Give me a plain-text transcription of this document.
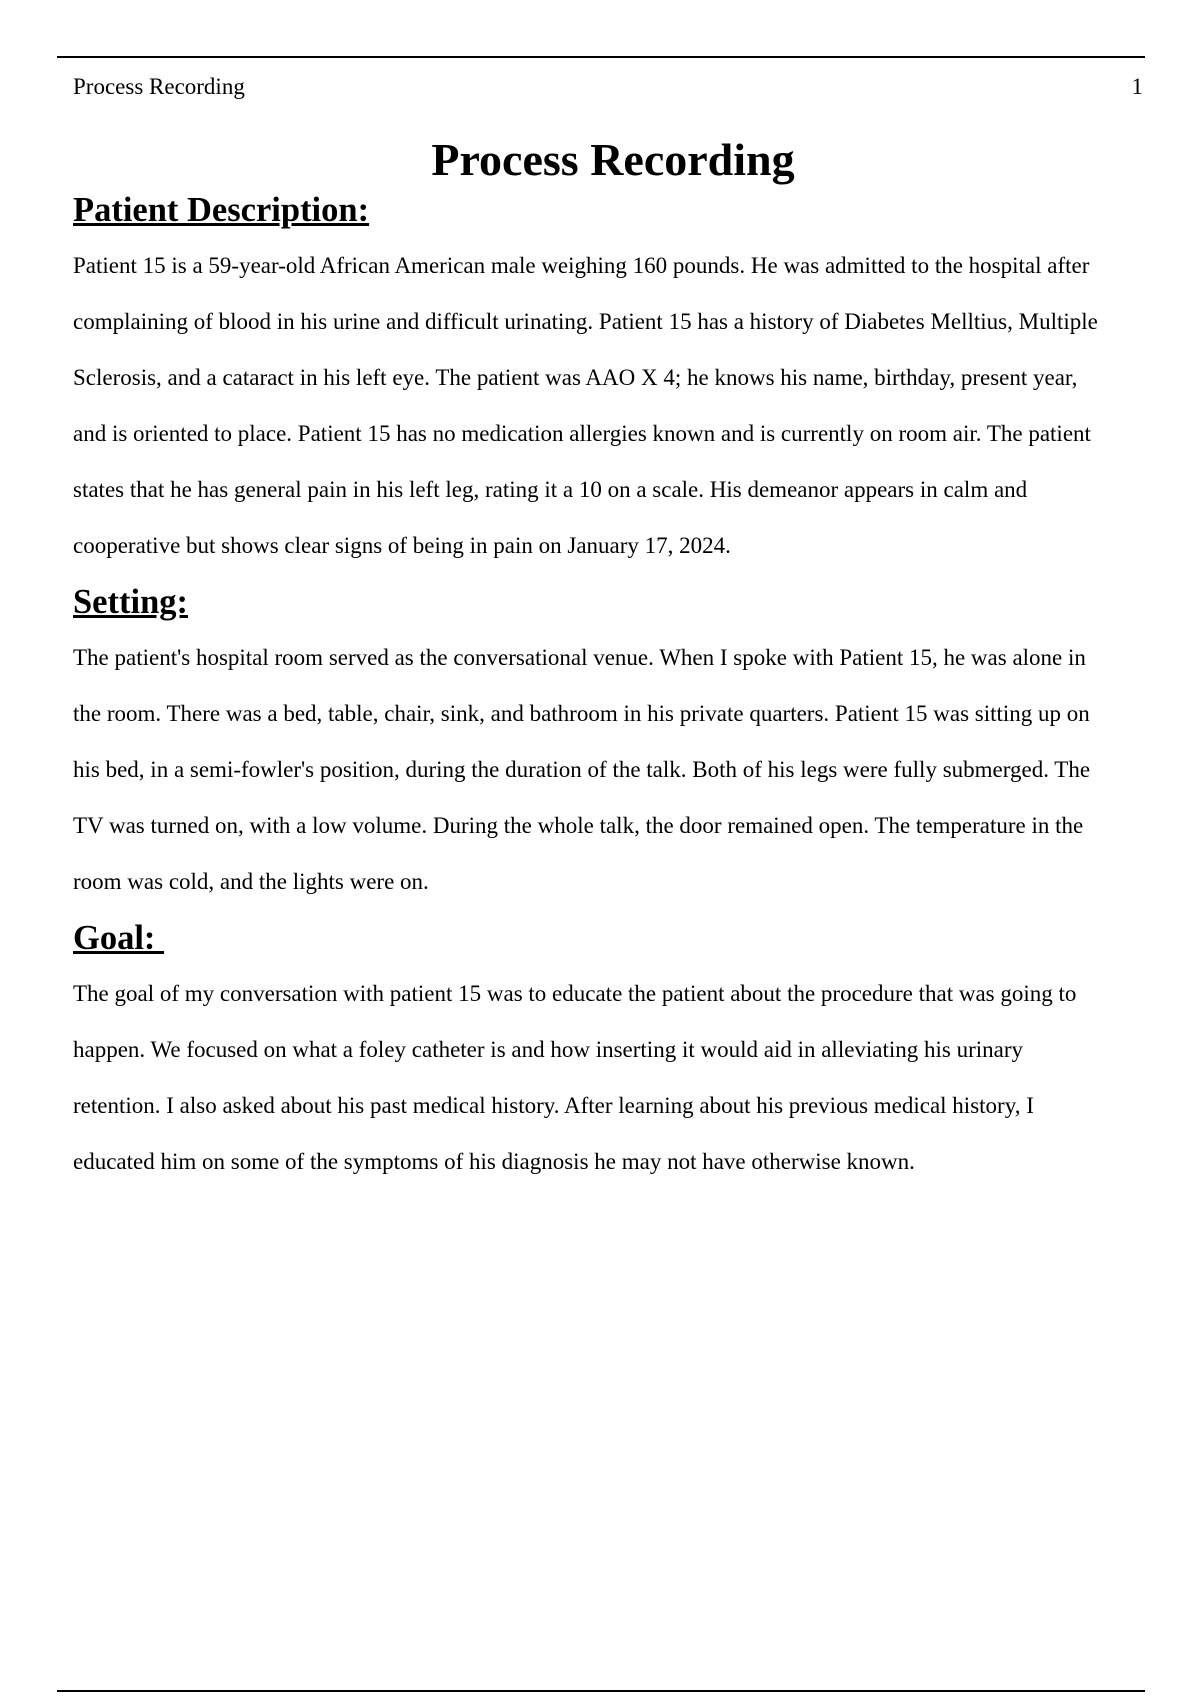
Process Recording	1
Process Recording
Patient Description:

Patient 15 is a 59-year-old African American male weighing 160 pounds. He was admitted to the hospital after
complaining of blood in his urine and difficult urinating. Patient 15 has a history of Diabetes Melltius, Multiple
Sclerosis, and a cataract in his left eye. The patient was AAO X 4; he knows his name, birthday, present year,
and is oriented to place. Patient 15 has no medication allergies known and is currently on room air. The patient
states that he has general pain in his left leg, rating it a 10 on a scale. His demeanor appears in calm and
cooperative but shows clear signs of being in pain on January 17, 2024.

Setting:

The patient's hospital room served as the conversational venue. When I spoke with Patient 15, he was alone in
the room. There was a bed, table, chair, sink, and bathroom in his private quarters. Patient 15 was sitting up on
his bed, in a semi-fowler's position, during the duration of the talk. Both of his legs were fully submerged. The
TV was turned on, with a low volume. During the whole talk, the door remained open. The temperature in the
room was cold, and the lights were on.

Goal:

The goal of my conversation with patient 15 was to educate the patient about the procedure that was going to
happen. We focused on what a foley catheter is and how inserting it would aid in alleviating his urinary
retention. I also asked about his past medical history. After learning about his previous medical history, I
educated him on some of the symptoms of his diagnosis he may not have otherwise known.
